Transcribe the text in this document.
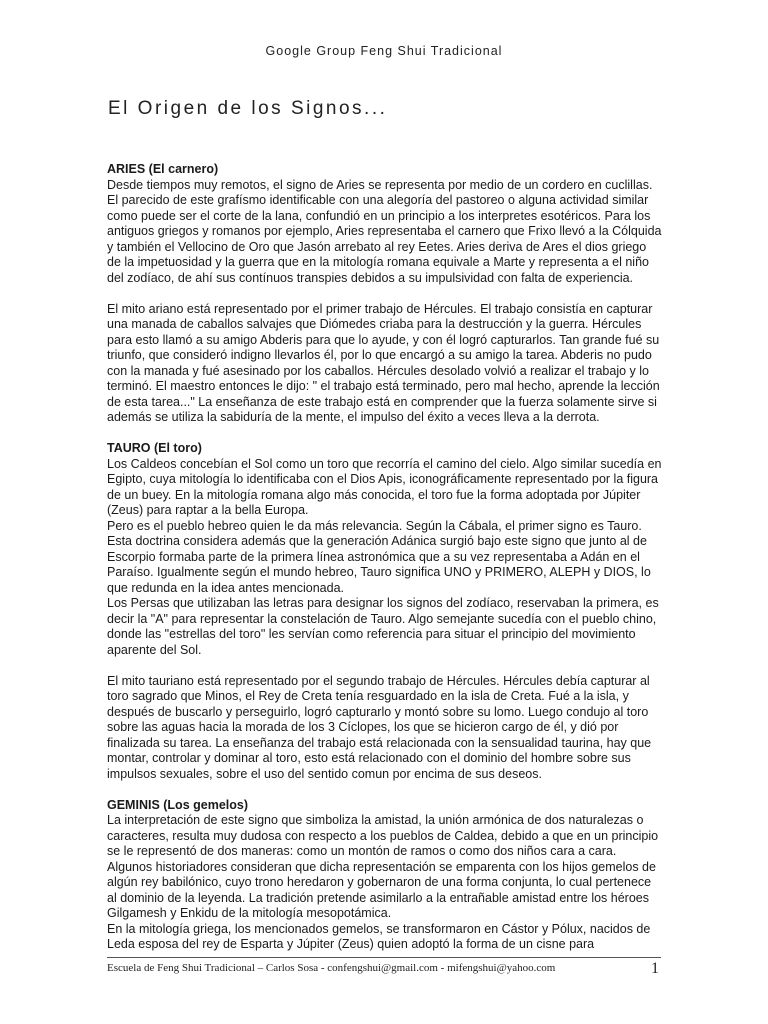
Google Group Feng Shui Tradicional
El Origen de los Signos...

ARIES (El carnero)

Desde tiempos muy remotos, el signo de Aries se representa por medio de un cordero en cuclillas. El parecido de este grafísmo identificable con una alegoría del pastoreo o alguna actividad similar como puede ser el corte de la lana, confundió en un principio a los interpretes esotéricos. Para los antiguos griegos y romanos por ejemplo, Aries representaba el carnero que Frixo llevó a la Cólquida y también el Vellocino de Oro que Jasón arrebato al rey Eetes. Aries deriva de Ares el dios griego de la impetuosidad y la guerra que en la mitología romana equivale a Marte y representa a el niño del zodíaco, de ahí sus contínuos transpies debidos a su impulsividad con falta de experiencia.

El mito ariano está representado por el primer trabajo de Hércules. El trabajo consistía en capturar una manada de caballos salvajes que Diómedes criaba para la destrucción y la guerra. Hércules para esto llamó a su amigo Abderis para que lo ayude, y con él logró capturarlos. Tan grande fué su triunfo, que consideró indigno llevarlos él, por lo que encargó a su amigo la tarea. Abderis no pudo con la manada y fué asesinado por los caballos. Hércules desolado volvió a realizar el trabajo y lo terminó. El maestro entonces le dijo: " el trabajo está terminado, pero mal hecho, aprende la lección de esta tarea..." La enseñanza de este trabajo está en comprender que la fuerza solamente sirve si además se utiliza la sabiduría de la mente, el impulso del éxito a veces lleva a la derrota.

TAURO (El toro)

Los Caldeos concebían el Sol como un toro que recorría el camino del cielo. Algo similar sucedía en Egipto, cuya mitología lo identificaba con el Dios Apis, iconográficamente representado por la figura de un buey. En la mitología romana algo más conocida, el toro fue la forma adoptada por Júpiter (Zeus) para raptar a la bella Europa.

Pero es el pueblo hebreo quien le da más relevancia. Según la Cábala, el primer signo es Tauro. Esta doctrina considera además que la generación Adánica surgió bajo este signo que junto al de Escorpio formaba parte de la primera línea astronómica que a su vez representaba a Adán en el Paraíso. Igualmente según el mundo hebreo, Tauro significa UNO y PRIMERO, ALEPH y DIOS, lo que redunda en la idea antes mencionada.

Los Persas que utilizaban las letras para designar los signos del zodíaco, reservaban la primera, es decir la "A" para representar la constelación de Tauro. Algo semejante sucedía con el pueblo chino, donde las "estrellas del toro" les servían como referencia para situar el principio del movimiento aparente del Sol.

El mito tauriano está representado por el segundo trabajo de Hércules. Hércules debía capturar al toro sagrado que Minos, el Rey de Creta tenía resguardado en la isla de Creta. Fué a la isla, y después de buscarlo y perseguirlo, logró capturarlo y montó sobre su lomo. Luego condujo al toro sobre las aguas hacia la morada de los 3 Cíclopes, los que se hicieron cargo de él, y dió por finalizada su tarea. La enseñanza del trabajo está relacionada con la sensualidad taurina, hay que montar, controlar y dominar al toro, esto está relacionado con el dominio del hombre sobre sus impulsos sexuales, sobre el uso del sentido comun por encima de sus deseos.

GEMINIS (Los gemelos)

La interpretación de este signo que simboliza la amistad, la unión armónica de dos naturalezas o caracteres, resulta muy dudosa con respecto a los pueblos de Caldea, debido a que en un principio se le representó de dos maneras: como un montón de ramos o como dos niños cara a cara.

Algunos historiadores consideran que dicha representación se emparenta con los hijos gemelos de algún rey babilónico, cuyo trono heredaron y gobernaron de una forma conjunta, lo cual pertenece al dominio de la leyenda. La tradición pretende asimilarlo a la entrañable amistad entre los héroes Gilgamesh y Enkidu de la mitología mesopotámica.

En la mitología griega, los mencionados gemelos, se transformaron en Cástor y Pólux, nacidos de Leda esposa del rey de Esparta y Júpiter (Zeus) quien adoptó la forma de un cisne para

Escuela de Feng Shui Tradicional – Carlos Sosa - confengshui@gmail.com - mifengshui@yahoo.com	1
